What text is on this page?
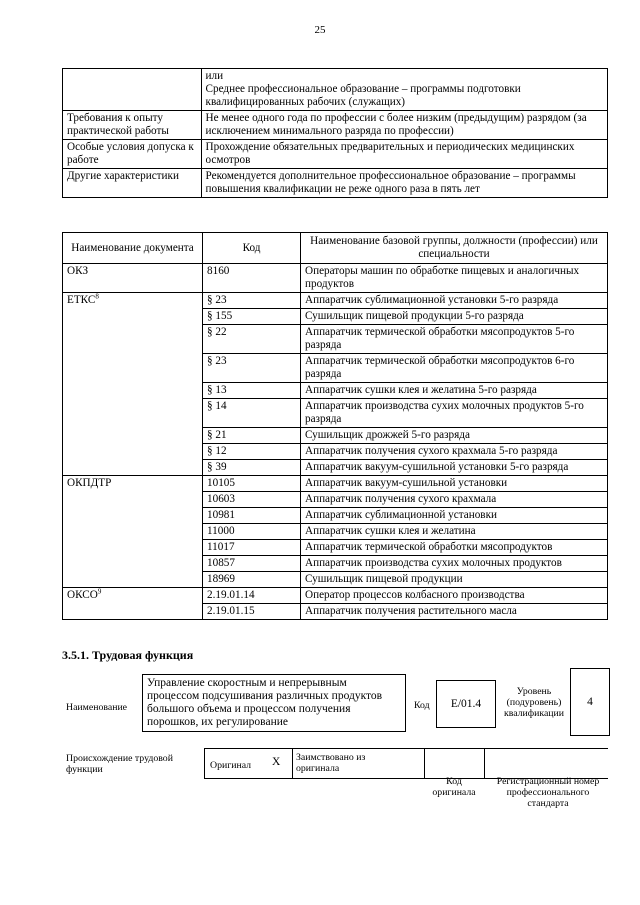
25

	или
Среднее профессиональное образование – программы подготовки квалифицированных рабочих (служащих)

Требования к опыту практической работы	Не менее одного года по профессии с более низким (предыдущим) разрядом (за исключением минимального разряда по профессии)

Особые условия допуска к работе	Прохождение обязательных предварительных и периодических медицинских осмотров

Другие характеристики	Рекомендуется дополнительное профессиональное образование – программы повышения квалификации не реже одного раза в пять лет
Наименование документа	Код	Наименование базовой группы, должности (профессии) или специальности
ОКЗ	8160	Операторы машин по обработке пищевых и аналогичных продуктов
ЕТКС$^8$	§ 23	Аппаратчик сублимационной установки 5-го разряда
	§ 155	Сушильщик пищевой продукции 5-го разряда
	§ 22	Аппаратчик термической обработки мясопродуктов 5-го разряда
	§ 23	Аппаратчик термической обработки мясопродуктов 6-го разряда
	§ 13	Аппаратчик сушки клея и желатина 5-го разряда
	§ 14	Аппаратчик производства сухих молочных продуктов 5-го разряда
	§ 21	Сушильщик дрожжей 5-го разряда
	§ 12	Аппаратчик получения сухого крахмала 5-го разряда
	§ 39	Аппаратчик вакуум-сушильной установки 5-го разряда
ОКПДТР	10105	Аппаратчик вакуум-сушильной установки
	10603	Аппаратчик получения сухого крахмала
	10981	Аппаратчик сублимационной установки
	11000	Аппаратчик сушки клея и желатина
	11017	Аппаратчик термической обработки мясопродуктов
	10857	Аппаратчик производства сухих молочных продуктов
	18969	Сушильщик пищевой продукции
ОКСО$^9$	2.19.01.14	Оператор процессов колбасного производства
	2.19.01.15	Аппаратчик получения растительного масла
3.5.1. Трудовая функция
Наименование
Управление скоростным и непрерывным процессом подсушивания различных продуктов большого объема и процессом получения порошков, их регулирование
Код	E/01.4
Уровень (подуровень) квалификации
4
Происхождение трудовой функции	Оригинал X Заимствовано из оригинала
Код оригинала
Регистрационный номер профессионального стандарта
